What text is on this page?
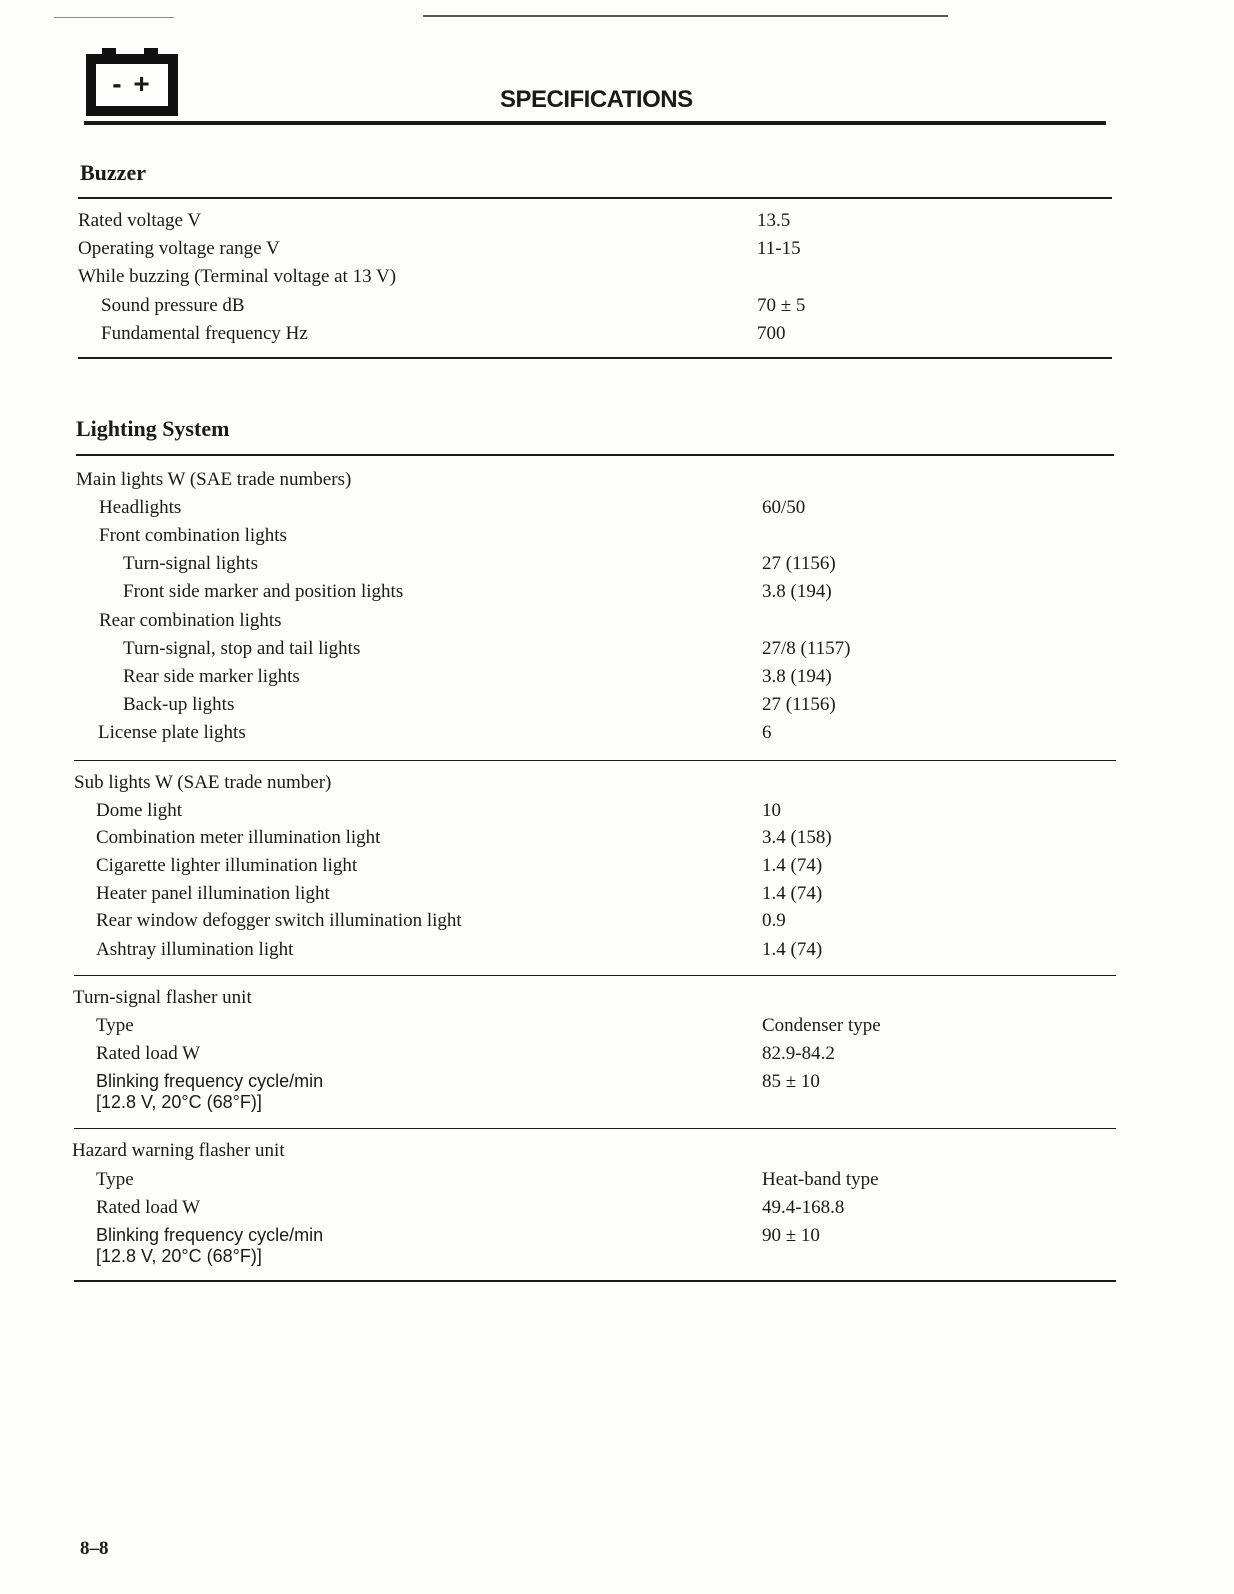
- +
SPECIFICATIONS
Buzzer
Rated voltage V	13.5
Operating voltage range V	11-15
While buzzing (Terminal voltage at 13 V)
Sound pressure dB	70 ± 5
Fundamental frequency Hz	700
Lighting System
Main lights W (SAE trade numbers)
Headlights	60/50
Front combination lights
Turn-signal lights	27 (1156)
Front side marker and position lights	3.8 (194)
Rear combination lights
Turn-signal, stop and tail lights	27/8 (1157)
Rear side marker lights	3.8 (194)
Back-up lights	27 (1156)
License plate lights	6
Sub lights W (SAE trade number)
Dome light	10
Combination meter illumination light	3.4 (158)
Cigarette lighter illumination light	1.4 (74)
Heater panel illumination light	1.4 (74)
Rear window defogger switch illumination light	0.9
Ashtray illumination light	1.4 (74)
Turn-signal flasher unit
Type	Condenser type
Rated load W	82.9-84.2
Blinking frequency cycle/min	85 ± 10
[12.8 V, 20°C (68°F)]
Hazard warning flasher unit
Type	Heat-band type
Rated load W	49.4-168.8
Blinking frequency cycle/min	90 ± 10
[12.8 V, 20°C (68°F)]
8–8
